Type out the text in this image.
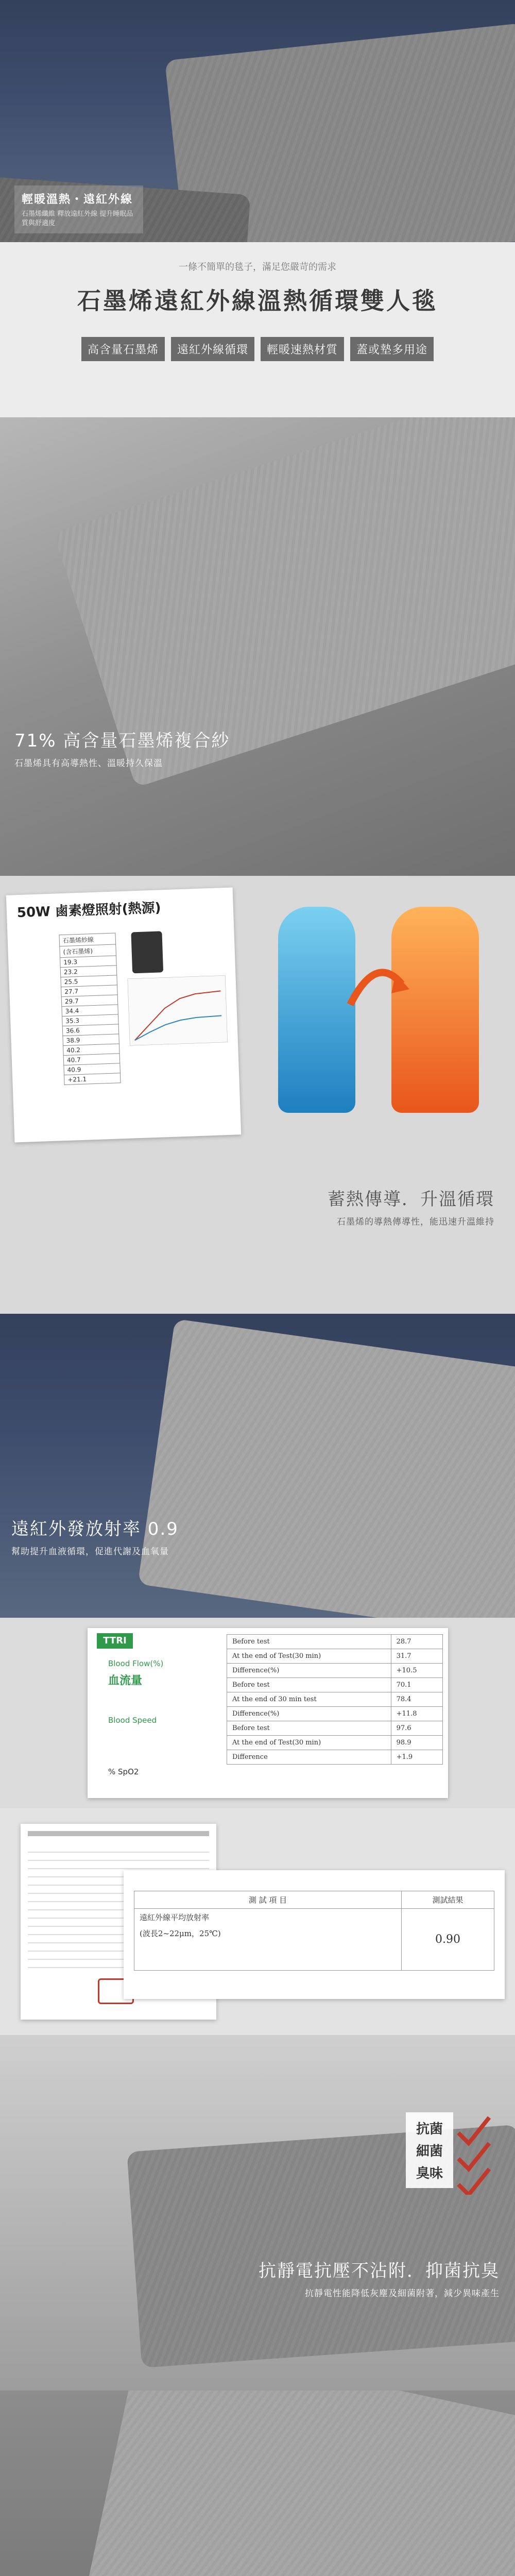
輕暖溫熱・遠紅外線

石墨烯纖維 釋放遠紅外線 提升睡眠品質與舒適度

一條不簡單的毯子，滿足您嚴苛的需求
石墨烯遠紅外線溫熱循環雙人毯
高含量石墨烯	遠紅外線循環	輕暖速熱材質	蓋或墊多用途
71% 高含量石墨烯複合紗

石墨烯具有高導熱性、溫暖持久保溫

50W 鹵素燈照射(熱源)
石墨烯紗線
(含石墨烯)
19.3
23.2
25.5
27.7
29.7
34.4
35.3
36.6
38.9
40.2
40.7
40.9
+21.1
蓄熱傳導．升溫循環

石墨烯的導熱傳導性，能迅速升溫維持

遠紅外發放射率 0.9

幫助提升血液循環，促進代謝及血氧量

TTRI
Blood Flow(%)
血流量
Blood Speed
% SpO2
Before test	28.7
At the end of Test(30 min)	31.7
Difference(%)	+10.5
Before test	70.1
At the end of 30 min test	78.4
Difference(%)	+11.8
Before test	97.6
At the end of Test(30 min)	98.9
Difference	+1.9
測 試 項 目	測試結果

遠紅外線平均放射率
(波長2~22μm，25℃)	0.90
抗菌
細菌
臭味
抗靜電抗壓不沾附．抑菌抗臭

抗靜電性能降低灰塵及細菌附著，減少異味產生
